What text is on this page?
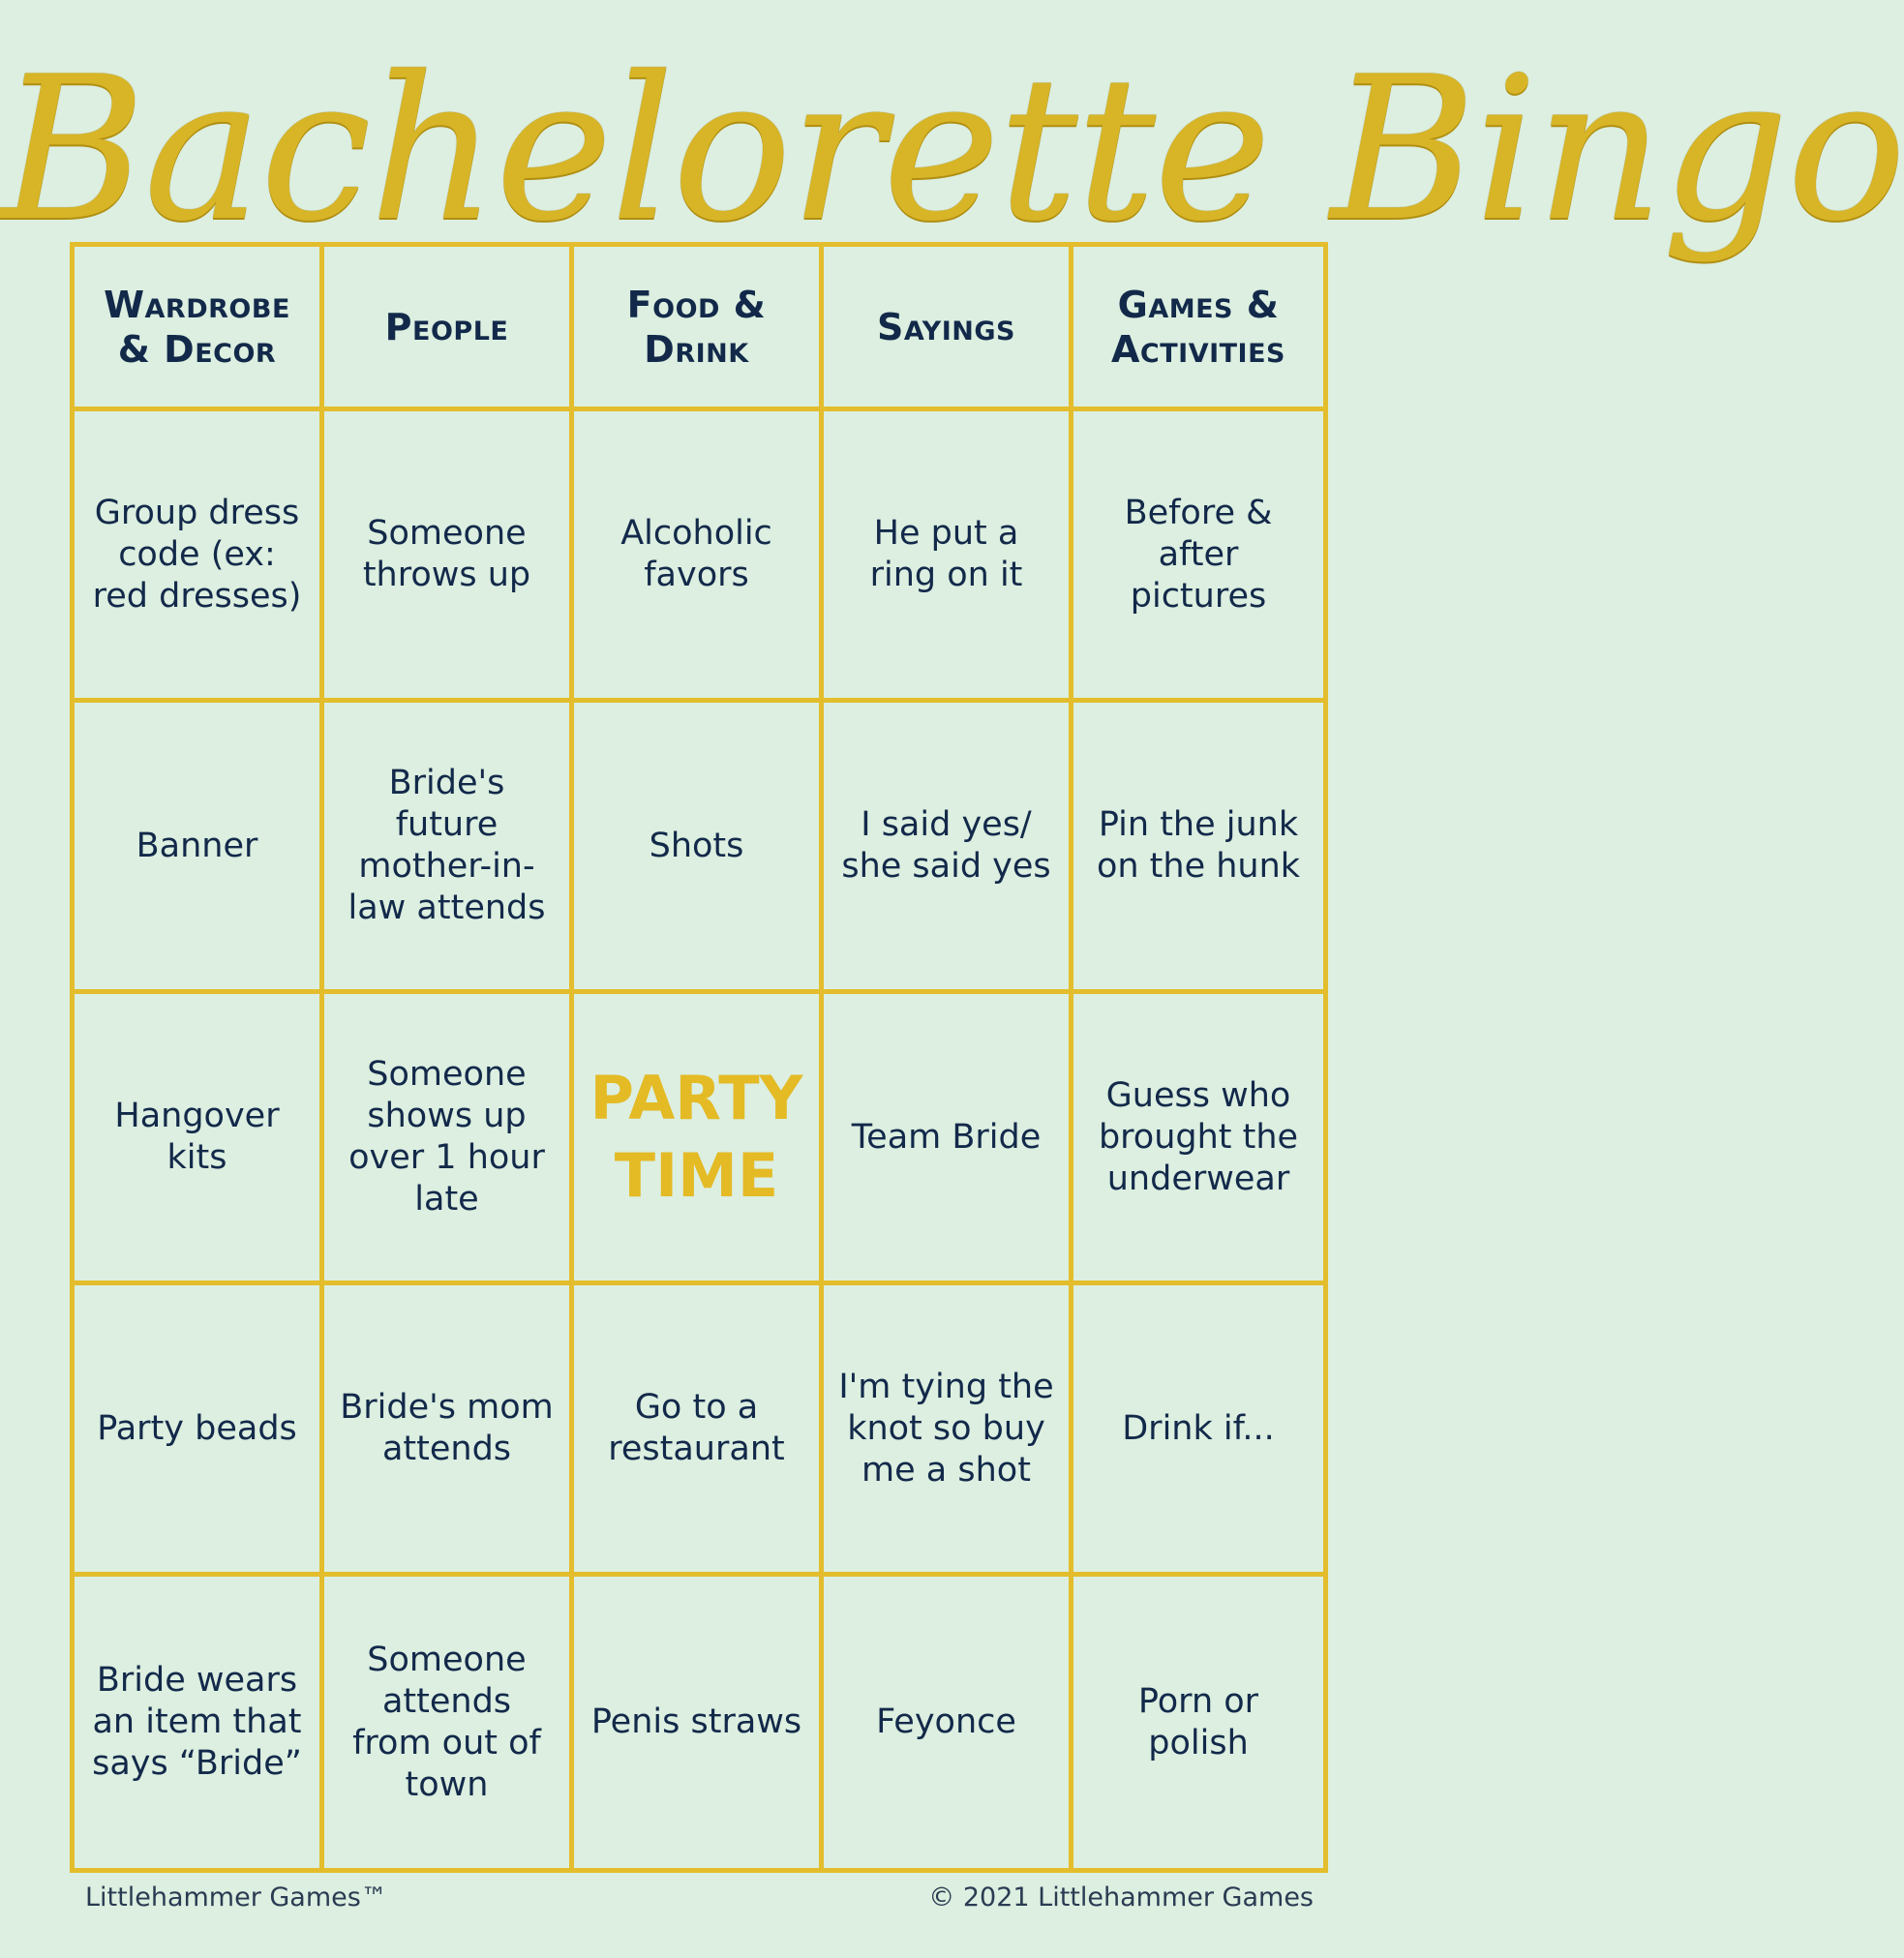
Bachelorette Bingo
Wardrobe & Decor
People
Food & Drink
Sayings
Games & Activities
Group dress code (ex: red dresses)
Someone throws up
Alcoholic favors
He put a ring on it
Before & after pictures
Banner
Bride's future mother-in-law attends
Shots
I said yes/ she said yes
Pin the junk on the hunk
Hangover kits
Someone shows up over 1 hour late
PARTY TIME
Team Bride
Guess who brought the underwear
Party beads
Bride's mom attends
Go to a restaurant
I'm tying the knot so buy me a shot
Drink if...
Bride wears an item that says “Bride”
Someone attends from out of town
Penis straws	Feyonce
Porn or polish
Littlehammer Games™	© 2021 Littlehammer Games
